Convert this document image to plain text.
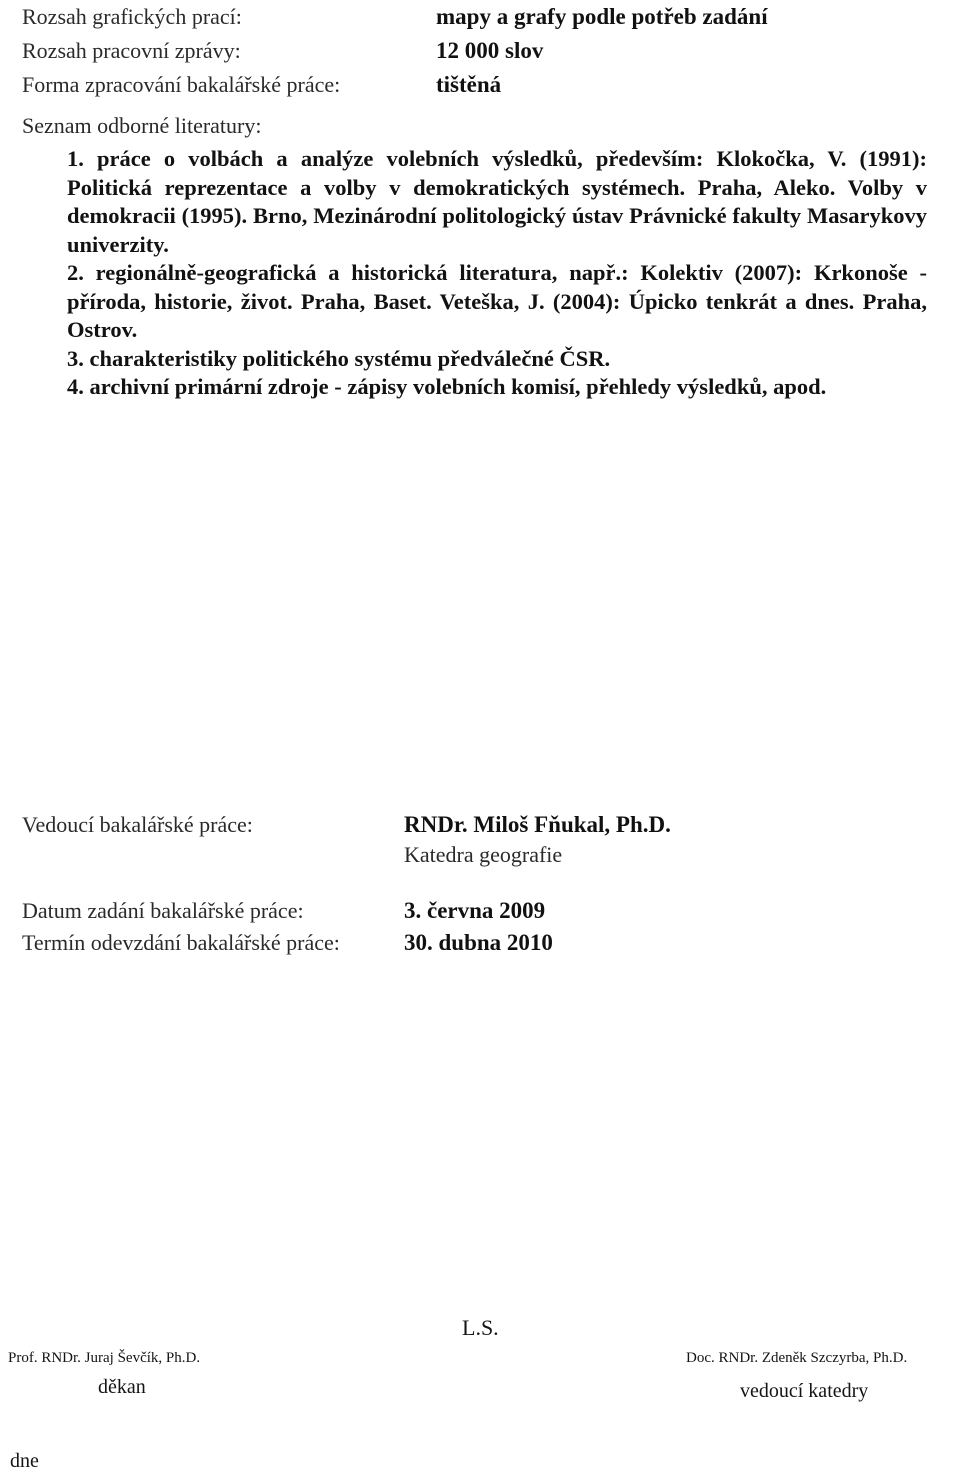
Rozsah grafických prací:	mapy a grafy podle potřeb zadání
Rozsah pracovní zprávy:	12 000 slov
Forma zpracování bakalářské práce:	tištěná
Seznam odborné literatury:

1. práce o volbách a analýze volebních výsledků, především: Klokočka, V. (1991): Politická reprezentace a volby v demokratických systémech. Praha, Aleko. Volby v demokracii (1995). Brno, Mezinárodní politologický ústav Právnické fakulty Masarykovy univerzity.

2. regionálně-geografická a historická literatura, např.: Kolektiv (2007): Krkonoše - příroda, historie, život. Praha, Baset. Veteška, J. (2004): Úpicko tenkrát a dnes. Praha, Ostrov.

3. charakteristiky politického systému předválečné ČSR.

4. archivní primární zdroje - zápisy volebních komisí, přehledy výsledků, apod.

Vedoucí bakalářské práce:	RNDr. Miloš Fňukal, Ph.D.
Katedra geografie
Datum zadání bakalářské práce:	3. června 2009
Termín odevzdání bakalářské práce:	30. dubna 2010
L.S.
Prof. RNDr. Juraj Ševčík, Ph.D.
děkan
Doc. RNDr. Zdeněk Szczyrba, Ph.D.
vedoucí katedry
dne
